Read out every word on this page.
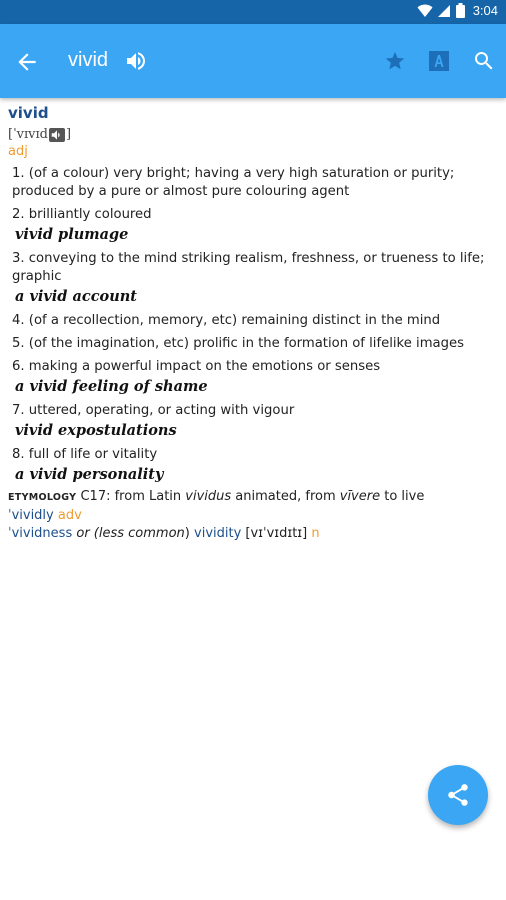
3:04
vivid
vivid
[ˈvɪvɪd ]
adj
1. (of a colour) very bright; having a very high saturation or purity; produced by a pure or almost pure colouring agent
2. brilliantly coloured
vivid plumage
3. conveying to the mind striking realism, freshness, or trueness to life; graphic
a vivid account
4. (of a recollection, memory, etc) remaining distinct in the mind
5. (of the imagination, etc) prolific in the formation of lifelike images
6. making a powerful impact on the emotions or senses
a vivid feeling of shame
7. uttered, operating, or acting with vigour
vivid expostulations
8. full of life or vitality
a vivid personality
ETYMOLOGY C17: from Latin vividus animated, from vīvere to live
ˈvividly adv
ˈvividness or (less common) vividity [vɪˈvɪdɪtɪ] n
